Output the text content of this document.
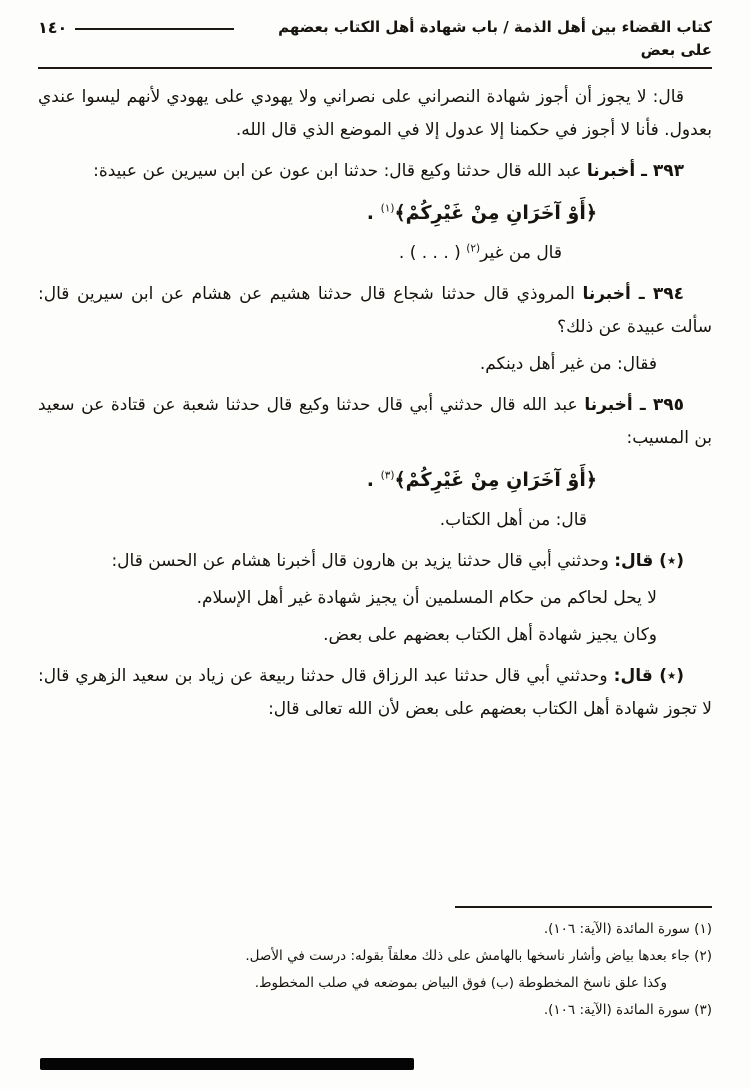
كتاب القضاء بين أهل الذمة / باب شهادة أهل الكتاب بعضهم على بعض
١٤٠

قال: لا يجوز أن أجوز شهادة النصراني على نصراني ولا يهودي على يهودي لأنهم ليسوا عندي بعدول. فأنا لا أجوز في حكمنا إلا عدول إلا في الموضع الذي قال الله.

٣٩٣ ـ أخبرنا عبد الله قال حدثنا وكيع قال: حدثنا ابن عون عن ابن سيرين عن عبيدة:

﴿أَوْ آخَرَانِ مِنْ غَيْرِكُمْ﴾$^{(١)}$ .

قال من غير$^{(٢)}$ ( . . . ) .

٣٩٤ ـ أخبرنا المروذي قال حدثنا شجاع قال حدثنا هشيم عن هشام عن ابن سيرين قال: سألت عبيدة عن ذلك؟

فقال: من غير أهل دينكم.

٣٩٥ ـ أخبرنا عبد الله قال حدثني أبي قال حدثنا وكيع قال حدثنا شعبة عن قتادة عن سعيد بن المسيب:

﴿أَوْ آخَرَانِ مِنْ غَيْرِكُمْ﴾$^{(٣)}$ .

قال: من أهل الكتاب.

(٭) قال: وحدثني أبي قال حدثنا يزيد بن هارون قال أخبرنا هشام عن الحسن قال:

لا يحل لحاكم من حكام المسلمين أن يجيز شهادة غير أهل الإسلام.

وكان يجيز شهادة أهل الكتاب بعضهم على بعض.

(٭) قال: وحدثني أبي قال حدثنا عبد الرزاق قال حدثنا ربيعة عن زياد بن سعيد الزهري قال: لا تجوز شهادة أهل الكتاب بعضهم على بعض لأن الله تعالى قال:

(١) سورة المائدة (الآية: ١٠٦).
(٢) جاء بعدها بياض وأشار ناسخها بالهامش على ذلك معلقاً بقوله: درست في الأصل.
وكذا علق ناسخ المخطوطة (ب) فوق البياض بموضعه في صلب المخطوط.
(٣) سورة المائدة (الآية: ١٠٦).
